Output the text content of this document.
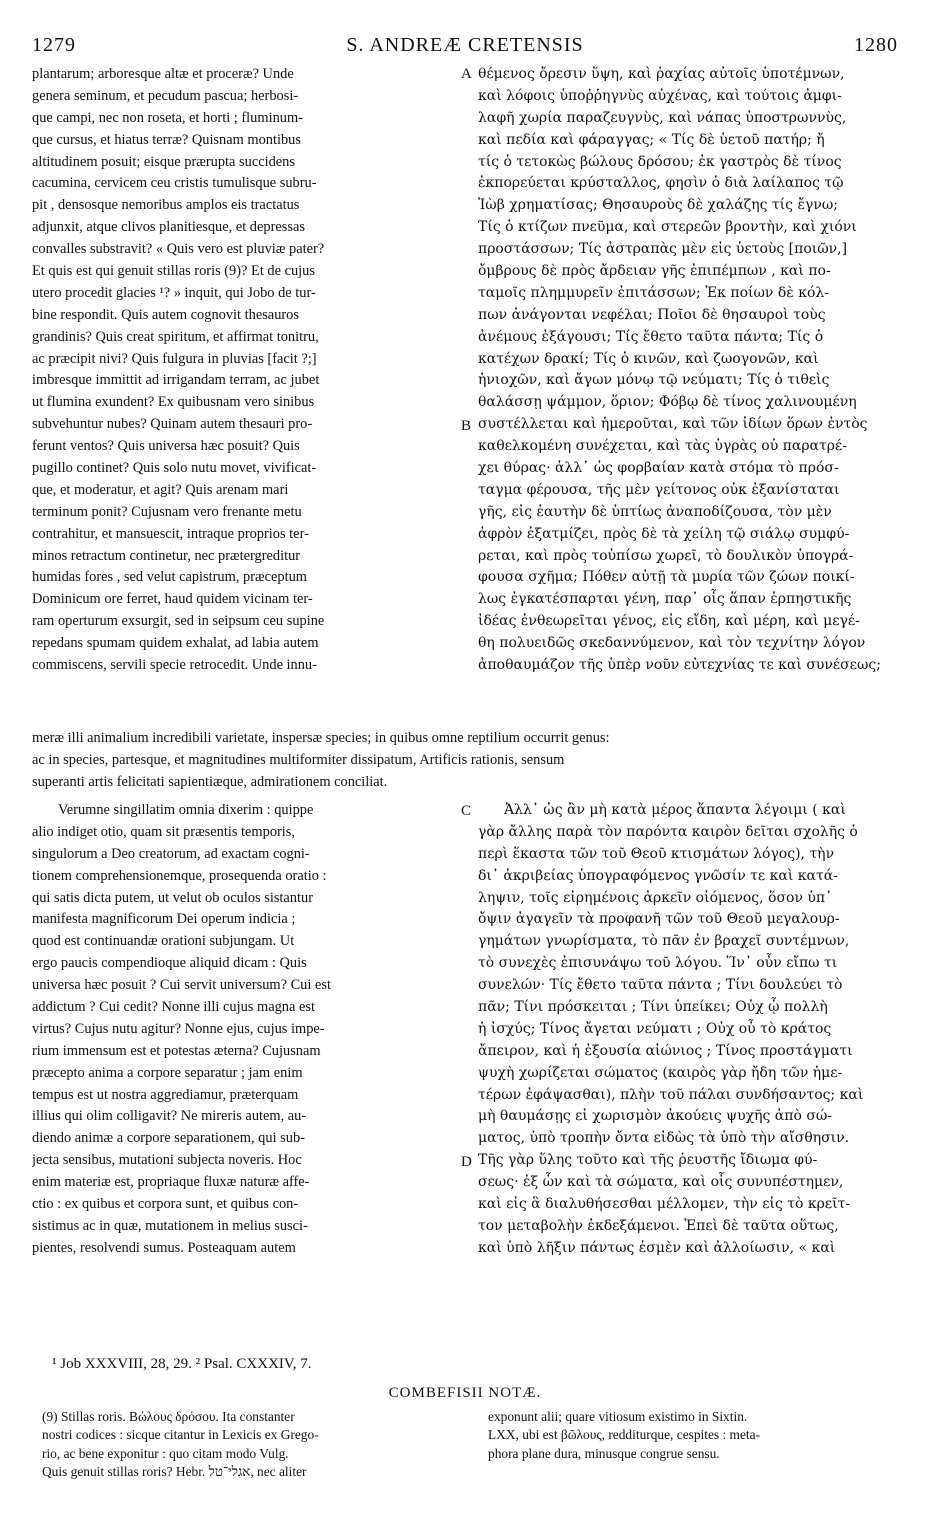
1279	S. ANDREÆ CRETENSIS	1280
plantarum; arboresque altæ et proceræ? Unde
genera seminum, et pecudum pascua; herbosi-
que campi, nec non roseta, et horti ; fluminum-
que cursus, et hiatus terræ? Quisnam montibus
altitudinem posuit; eisque prærupta succidens
cacumina, cervicem ceu cristis tumulisque subru-
pit , densosque nemoribus amplos eis tractatus
adjunxit, atque clivos planitiesque, et depressas
convalles substravit? « Quis vero est pluviæ pater?
Et quis est qui genuit stillas roris (9)? Et de cujus
utero procedit glacies ¹? » inquit, qui Jobo de tur-
bine respondit. Quis autem cognovit thesauros
grandinis? Quis creat spiritum, et affirmat tonitru,
ac præcipit nivi? Quis fulgura in pluvias [facit ?;]
imbresque immittit ad irrigandam terram, ac jubet
ut flumina exundent? Ex quibusnam vero sinibus
subvehuntur nubes? Quinam autem thesauri pro-
ferunt ventos? Quis universa hæc posuit? Quis
pugillo continet? Quis solo nutu movet, vivificat-
que, et moderatur, et agit? Quis arenam mari
terminum ponit? Cujusnam vero frenante metu
contrahitur, et mansuescit, intraque proprios ter-
minos retractum continetur, nec prætergreditur
humidas fores , sed velut capistrum, præceptum
Dominicum ore ferret, haud quidem vicinam ter-
ram operturum exsurgit, sed in seipsum ceu supine
repedans spumam quidem exhalat, ad labia autem
commiscens, servili specie retrocedit. Unde innu-
θέμενος ὄρεσιν ὕψη, καὶ ῥαχίας αὐτοῖς ὑποτέμνων,
καὶ λόφοις ὑποῤῥηγνὺς αὐχένας, καὶ τούτοις ἀμφι-
λαφῆ χωρία παραζευγνὺς, καὶ νάπας ὑποστρωννὺς,
καὶ πεδία καὶ φάραγγας; « Τίς δὲ ὑετοῦ πατήρ; ἤ
τίς ὁ τετοκὼς βώλους δρόσου; ἐκ γαστρὸς δὲ τίνος
ἐκπορεύεται κρύσταλλος, φησὶν ὁ διὰ λαίλαπος τῷ
Ἰὼβ χρηματίσας; Θησαυροὺς δὲ χαλάζης τίς ἔγνω;
Τίς ὁ κτίζων πνεῦμα, καὶ στερεῶν βροντὴν, καὶ χιόνι
προστάσσων; Τίς ἀστραπὰς μὲν εἰς ὑετοὺς [ποιῶν,]
ὄμβρους δὲ πρὸς ἄρδειαν γῆς ἐπιπέμπων , καὶ πο-
ταμοῖς πλημμυρεῖν ἐπιτάσσων; Ἐκ ποίων δὲ κόλ-
πων ἀνάγονται νεφέλαι; Ποῖοι δὲ θησαυροὶ τοὺς
ἀνέμους ἐξάγουσι; Τίς ἔθετο ταῦτα πάντα; Τίς ὁ
κατέχων δρακί; Τίς ὁ κινῶν, καὶ ζωογονῶν, καὶ
ἡνιοχῶν, καὶ ἄγων μόνῳ τῷ νεύματι; Τίς ὁ τιθεὶς
θαλάσσῃ ψάμμον, ὅριον; Φόβῳ δὲ τίνος χαλινουμένη
συστέλλεται καὶ ἡμεροῦται, καὶ τῶν ἰδίων ὅρων ἐντὸς
καθελκομένη συνέχεται, καὶ τὰς ὑγρὰς οὐ παρατρέ-
χει θύρας· ἀλλ᾽ ὡς φορβαίαν κατὰ στόμα τὸ πρόσ-
ταγμα φέρουσα, τῆς μὲν γείτονος οὐκ ἐξανίσταται
γῆς, εἰς ἑαυτὴν δὲ ὑπτίως ἀναποδίζουσα, τὸν μὲν
ἀφρὸν ἐξατμίζει, πρὸς δὲ τὰ χείλη τῷ σιάλῳ συμφύ-
ρεται, καὶ πρὸς τοὐπίσω χωρεῖ, τὸ δουλικὸν ὑπογρά-
φουσα σχῆμα; Πόθεν αὐτῇ τὰ μυρία τῶν ζώων ποικί-
λως ἐγκατέσπαρται γένη, παρ᾽ οἷς ἅπαν ἑρπηστικῆς
ἰδέας ἐνθεωρεῖται γένος, εἰς εἴδη, καὶ μέρη, καὶ μεγέ-
θη πολυειδῶς σκεδαννύμενον, καὶ τὸν τεχνίτην λόγον
ἀποθαυμάζον τῆς ὑπὲρ νοῦν εὐτεχνίας τε καὶ συνέσεως;
meræ illi animalium incredibili varietate, inspersæ species; in quibus omne reptilium occurrit genus:
ac in species, partesque, et magnitudines multiformiter dissipatum, Artificis rationis, sensum
superanti artis felicitati sapientiæque, admirationem conciliat.
Verumne singillatim omnia dixerim : quippe
alio indiget otio, quam sit præsentis temporis,
singulorum a Deo creatorum, ad exactam cogni-
tionem comprehensionemque, prosequenda oratio :
qui satis dicta putem, ut velut ob oculos sistantur
manifesta magnificorum Dei operum indicia ;
quod est continuandæ orationi subjungam. Ut
ergo paucis compendioque aliquid dicam : Quis
universa hæc posuit ? Cui servit universum? Cui est
addictum ? Cui cedit? Nonne illi cujus magna est
virtus? Cujus nutu agitur? Nonne ejus, cujus impe-
rium immensum est et potestas æterna? Cujusnam
præcepto anima a corpore separatur ; jam enim
tempus est ut nostra aggrediamur, præterquam
illius qui olim colligavit? Ne mireris autem, au-
diendo animæ a corpore separationem, qui sub-
jecta sensibus, mutationi subjecta noveris. Hoc
enim materiæ est, propriaque fluxæ naturæ affe-
ctio : ex quibus et corpora sunt, et quibus con-
sistimus ac in quæ, mutationem in melius susci-
pientes, resolvendi sumus. Posteaquam autem
Ἀλλ᾽ ὡς ἂν μὴ κατὰ μέρος ἅπαντα λέγοιμι ( καὶ
γὰρ ἄλλης παρὰ τὸν παρόντα καιρὸν δεῖται σχολῆς ὁ
περὶ ἕκαστα τῶν τοῦ Θεοῦ κτισμάτων λόγος), τὴν
δι᾽ ἀκριβείας ὑπογραφόμενος γνῶσίν τε καὶ κατά-
ληψιν, τοῖς εἰρημένοις ἀρκεῖν οἰόμενος, ὅσον ὑπ᾽
ὄψιν ἀγαγεῖν τὰ προφανῆ τῶν τοῦ Θεοῦ μεγαλουρ-
γημάτων γνωρίσματα, τὸ πᾶν ἐν βραχεῖ συντέμνων,
τὸ συνεχὲς ἐπισυνάψω τοῦ λόγου. Ἵν᾽ οὖν εἴπω τι
συνελών· Τίς ἔθετο ταῦτα πάντα ; Τίνι δουλεύει τὸ
πᾶν; Τίνι πρόσκειται ; Τίνι ὑπείκει; Οὐχ ᾧ πολλὴ
ἡ ἰσχύς; Τίνος ἄγεται νεύματι ; Οὐχ οὗ τὸ κράτος
ἄπειρον, καὶ ἡ ἐξουσία αἰώνιος ; Τίνος προστάγματι
ψυχὴ χωρίζεται σώματος (καιρὸς γὰρ ἤδη τῶν ἡμε-
τέρων ἐφάψασθαι), πλὴν τοῦ πάλαι συνδήσαντος; καὶ
μὴ θαυμάσῃς εἰ χωρισμὸν ἀκούεις ψυχῆς ἀπὸ σώ-
ματος, ὑπὸ τροπὴν ὄντα εἰδὼς τὰ ὑπὸ τὴν αἴσθησιν.
Τῆς γὰρ ὕλης τοῦτο καὶ τῆς ῥευστῆς ἴδιωμα φύ-
σεως· ἐξ ὧν καὶ τὰ σώματα, καὶ οἷς συνυπέστημεν,
καὶ εἰς ἃ διαλυθήσεσθαι μέλλομεν, τὴν εἰς τὸ κρεῖτ-
τον μεταβολὴν ἐκδεξάμενοι. Ἐπεὶ δὲ ταῦτα οὕτως,
καὶ ὑπὸ λῆξιν πάντως ἐσμὲν καὶ ἀλλοίωσιν, « καὶ
A
B
C
D
¹ Job XXXVIII, 28, 29. ² Psal. CXXXIV, 7.
COMBEFISII NOTÆ.
(9) Stillas roris. Βώλους δρόσου. Ita constanter
nostri codices : sicque citantur in Lexicis ex Grego-
rio, ac bene exponitur : quo citam modo Vulg.
Quis genuit stillas roris? Hebr. אגלי־טל, nec aliter
exponunt alii; quare vitiosum existimo in Sixtin.
LXX, ubi est βῶλους, redditurque, cespites : meta-
phora plane dura, minusque congrue sensu.
